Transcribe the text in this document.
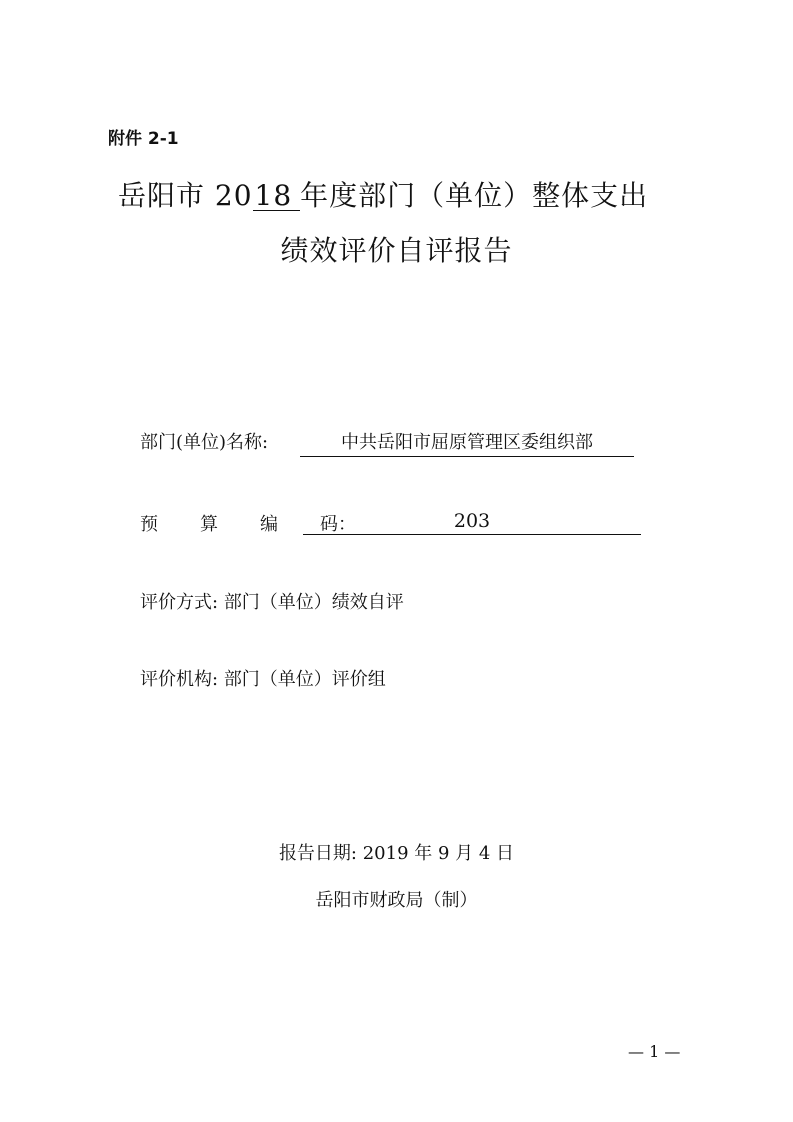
附件 2-1
岳阳市 2018 年度部门（单位）整体支出
绩效评价自评报告
部门(单位)名称:	中共岳阳市屈原管理区委组织部
预 算 编 码：	203
评价方式: 部门（单位）绩效自评
评价机构: 部门（单位）评价组
报告日期: 2019 年 9 月 4 日
岳阳市财政局（制）
— 1 —
